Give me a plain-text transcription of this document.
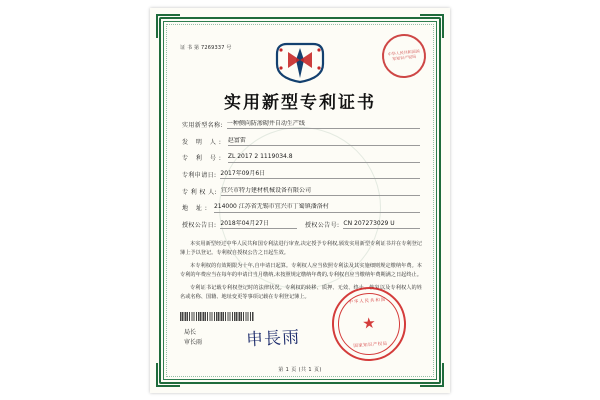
证 书 第 7269337 号
中华人民共和国国家知识产权局
实用新型专利证书
实用新型名称: 一种侧向防渗砌井自动生产线
发 明 人: 赵富雷
专 利 号: ZL 2017 2 1119034.8
专利申请日: 2017年09月6日
专 利 权 人: 宜兴市特力建材机械设备有限公司
地 址: 214000 江苏省无锡市宜兴市丁蜀镇潘洛村
授权公告日: 2018年04月27日	授权公告号: CN 207273029 U

本实用新型经过中华人民共和国专利法进行审查,决定授予专利权,颁发实用新型专利证书并在专利登记簿上予以登记。专利权自授权公告之日起生效。

本专利权的有效期限为十年,自申请日起算。专利权人应当依照专利法及其实施细则规定缴纳年费。本专利的年费应当在每年的申请日当月缴纳,未按照规定缴纳年费的,专利权自应当缴纳年费期满之日起终止。

专利证书记载专利权登记时的法律状况。专利权的转移、质押、无效、终止、恢复以及专利权人的姓名或名称、国籍、地址变更等事项记载在专利登记簿上。

局长
审长雨	申長雨
中华人民共和国
★
国家知识产权局
第 1 页 (共 1 页)
